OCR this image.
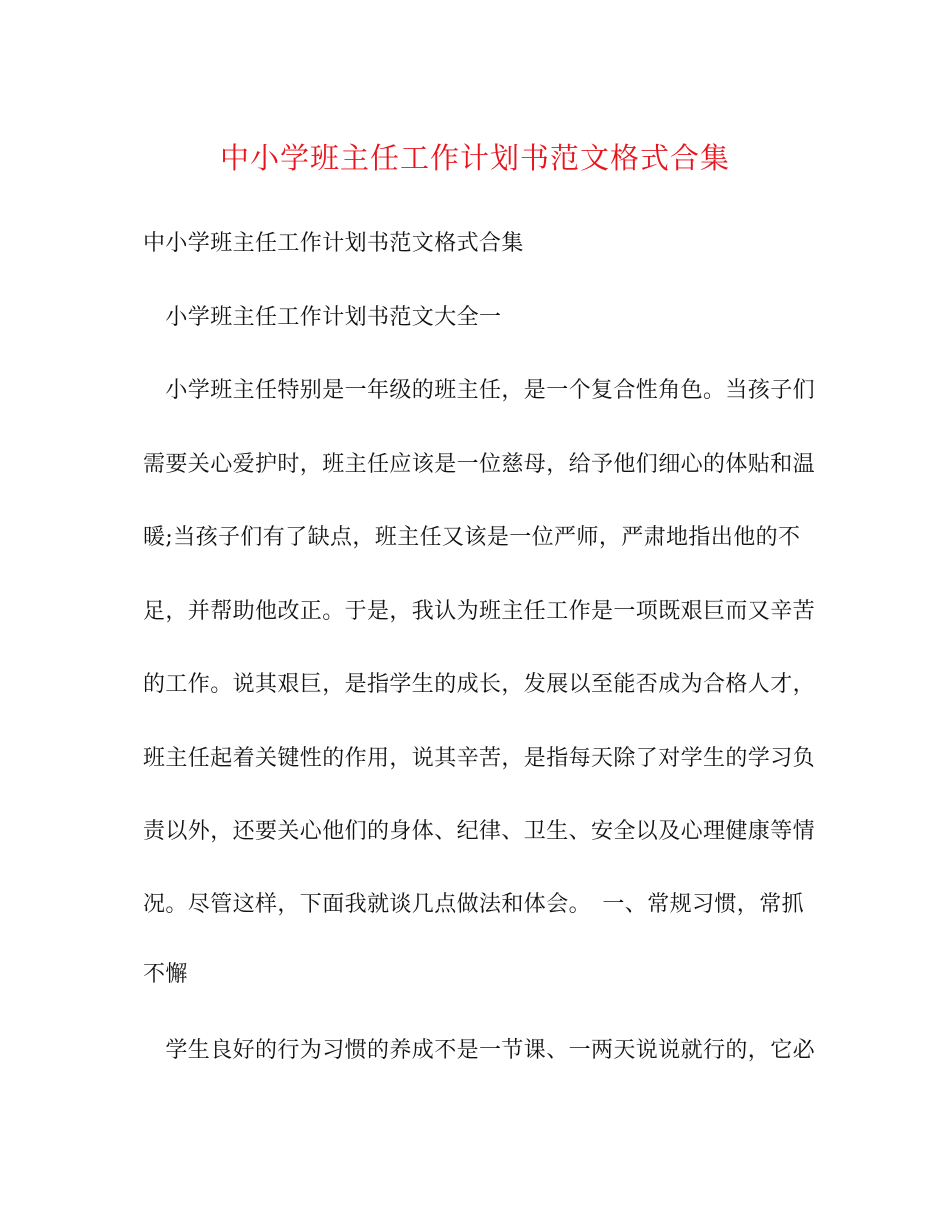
中小学班主任工作计划书范文格式合集
中小学班主任工作计划书范文格式合集
　小学班主任工作计划书范文大全一
　小学班主任特别是一年级的班主任，是一个复合性角色。当孩子们
需要关心爱护时，班主任应该是一位慈母，给予他们细心的体贴和温
暖;当孩子们有了缺点，班主任又该是一位严师，严肃地指出他的不
足，并帮助他改正。于是，我认为班主任工作是一项既艰巨而又辛苦
的工作。说其艰巨，是指学生的成长，发展以至能否成为合格人才，
班主任起着关键性的作用，说其辛苦，是指每天除了对学生的学习负
责以外，还要关心他们的身体、纪律、卫生、安全以及心理健康等情
况。尽管这样，下面我就谈几点做法和体会。　一、常规习惯，常抓
不懈
　学生良好的行为习惯的养成不是一节课、一两天说说就行的，它必
